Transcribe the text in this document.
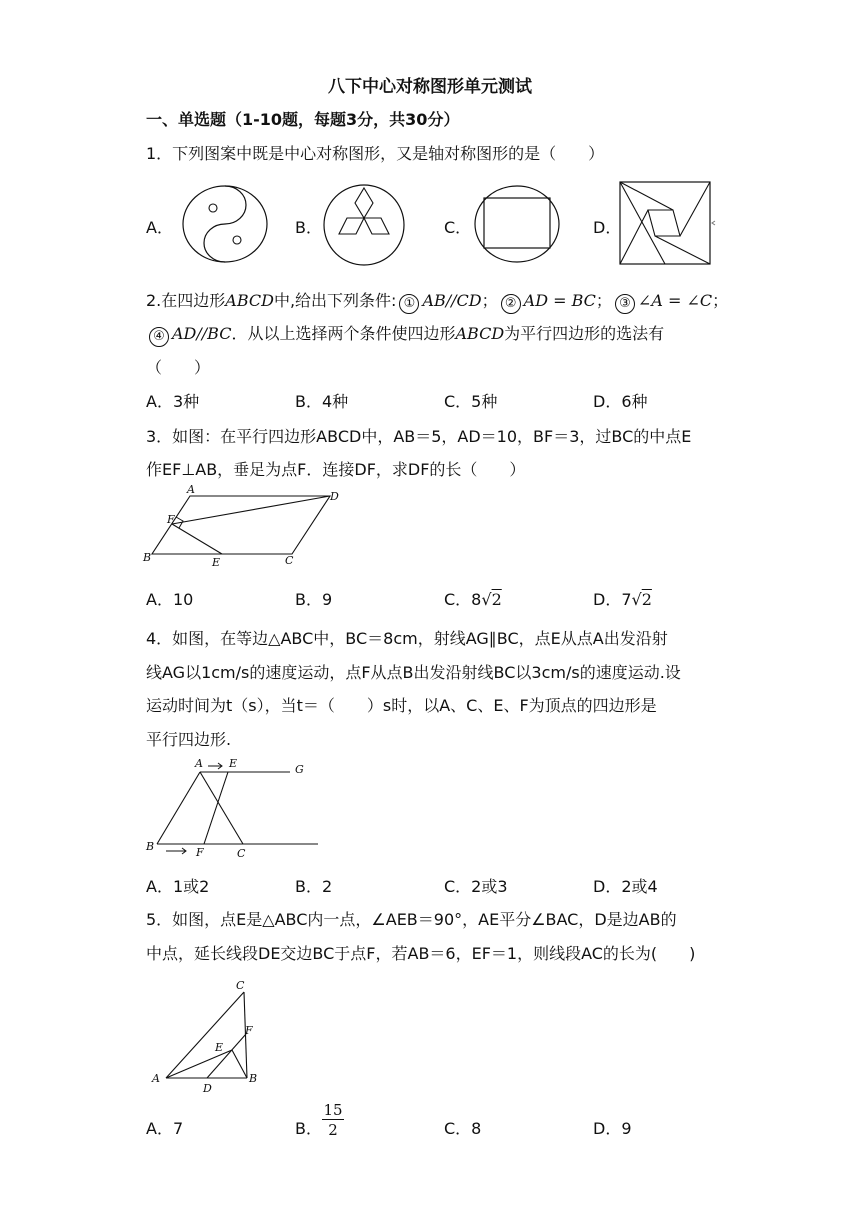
八下中心对称图形单元测试
一、单选题（1-10题，每题3分，共30分）
1．下列图案中既是中心对称图形，又是轴对称图形的是（　　）
A．	B．	C．	D．
2.在四边形ABCD中,给出下列条件: ① AB//CD； ② AD = BC； ③ ∠A = ∠C；
④ AD//BC．从以上选择两个条件使四边形ABCD为平行四边形的选法有
（　　）
A．3种	B．4种	C．5种	D．6种
3．如图：在平行四边形ABCD中，AB＝5，AD＝10，BF＝3，过BC的中点E
作EF⊥AB，垂足为点F．连接DF，求DF的长（　　）
A
D
F
B	E	C
A．10	B．9	C．8√2	D．7√2
4．如图，在等边△ABC中，BC＝8cm，射线AG∥BC，点E从点A出发沿射
线AG以1cm/s的速度运动，点F从点B出发沿射线BC以3cm/s的速度运动.设
运动时间为t（s），当t＝（　　）s时，以A、C、E、F为顶点的四边形是
平行四边形.
A E	G
B	F	C
A．1或2	B．2	C．2或3	D．2或4
5．如图，点E是△ABC内一点，∠AEB＝90°，AE平分∠BAC，D是边AB的
中点，延长线段DE交边BC于点F，若AB＝6，EF＝1，则线段AC的长为(　　)
C
F
E
A
D
B
A．7	B． $\frac{15}{2}$	C．8	D．9
